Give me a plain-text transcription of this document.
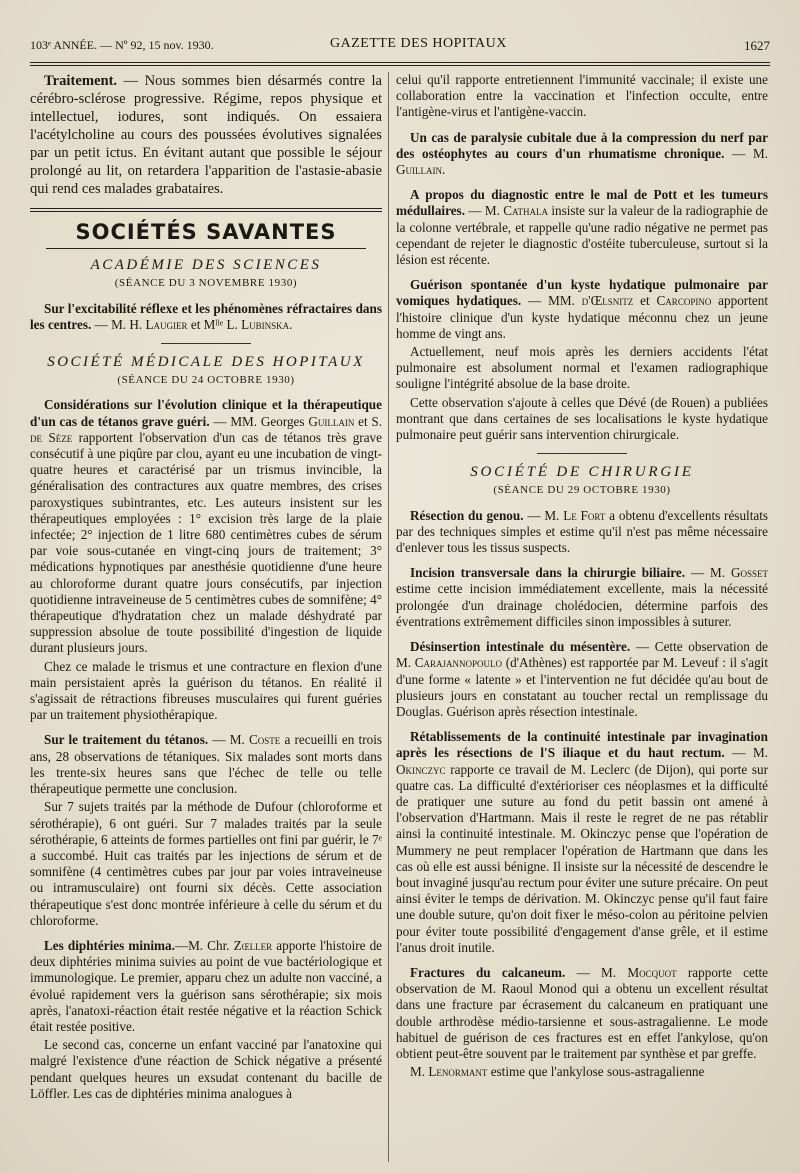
103ᵉ ANNÉE. — Nº 92, 15 nov. 1930.	GAZETTE DES HOPITAUX	1627

Traitement. — Nous sommes bien désarmés contre la cérébro-sclérose progressive. Régime, repos physique et intellectuel, iodures, sont indiqués. On essaiera l'acétylcholine au cours des poussées évolutives signalées par un petit ictus. En évitant autant que possible le séjour prolongé au lit, on retardera l'apparition de l'astasie-abasie qui rend ces malades grabataires.

SOCIÉTÉS SAVANTES
ACADÉMIE DES SCIENCES
(SÉANCE DU 3 NOVEMBRE 1930)

Sur l'excitabilité réflexe et les phénomènes réfractaires dans les centres. — M. H. Laugier et Mˡˡᵉ L. Lubinska.

SOCIÉTÉ MÉDICALE DES HOPITAUX
(SÉANCE DU 24 OCTOBRE 1930)

Considérations sur l'évolution clinique et la thérapeutique d'un cas de tétanos grave guéri. — MM. Georges Guillain et S. de Sèze rapportent l'observation d'un cas de tétanos très grave consécutif à une piqûre par clou, ayant eu une incubation de vingt-quatre heures et caractérisé par un trismus invincible, la généralisation des contractures aux quatre membres, des crises paroxystiques subintrantes, etc. Les auteurs insistent sur les thérapeutiques employées : 1° excision très large de la plaie infectée; 2° injection de 1 litre 680 centimètres cubes de sérum par voie sous-cutanée en vingt-cinq jours de traitement; 3° médications hypnotiques par anesthésie quotidienne d'une heure au chloroforme durant quatre jours consécutifs, par injection quotidienne intraveineuse de 5 centimètres cubes de somnifène; 4° thérapeutique d'hydratation chez un malade déshydraté par suppression absolue de toute possibilité d'ingestion de liquide durant plusieurs jours.

Chez ce malade le trismus et une contracture en flexion d'une main persistaient après la guérison du tétanos. En réalité il s'agissait de rétractions fibreuses musculaires qui furent guéries par un traitement physiothérapique.

Sur le traitement du tétanos. — M. Coste a recueilli en trois ans, 28 observations de tétaniques. Six malades sont morts dans les trente-six heures sans que l'échec de telle ou telle thérapeutique permette une conclusion.

Sur 7 sujets traités par la méthode de Dufour (chloroforme et sérothérapie), 6 ont guéri. Sur 7 malades traités par la seule sérothérapie, 6 atteints de formes partielles ont fini par guérir, le 7ᵉ a succombé. Huit cas traités par les injections de sérum et de somnifène (4 centimètres cubes par jour par voies intraveineuse ou intramusculaire) ont fourni six décès. Cette association thérapeutique s'est donc montrée inférieure à celle du sérum et du chloroforme.

Les diphtéries minima.—M. Chr. Zœller apporte l'histoire de deux diphtéries minima suivies au point de vue bactériologique et immunologique. Le premier, apparu chez un adulte non vacciné, a évolué rapidement vers la guérison sans sérothérapie; six mois après, l'anatoxi-réaction était restée négative et la réaction Schick était restée positive.

Le second cas, concerne un enfant vacciné par l'anatoxine qui malgré l'existence d'une réaction de Schick négative a présenté pendant quelques heures un exsudat contenant du bacille de Löffler. Les cas de diphtéries minima analogues à

celui qu'il rapporte entretiennent l'immunité vaccinale; il existe une collaboration entre la vaccination et l'infection occulte, entre l'antigène-virus et l'antigène-vaccin.

Un cas de paralysie cubitale due à la compression du nerf par des ostéophytes au cours d'un rhumatisme chronique. — M. Guillain.

A propos du diagnostic entre le mal de Pott et les tumeurs médullaires. — M. Cathala insiste sur la valeur de la radiographie de la colonne vertébrale, et rappelle qu'une radio négative ne permet pas cependant de rejeter le diagnostic d'ostéite tuberculeuse, surtout si la lésion est récente.

Guérison spontanée d'un kyste hydatique pulmonaire par vomiques hydatiques. — MM. d'Œlsnitz et Carcopino apportent l'histoire clinique d'un kyste hydatique méconnu chez un jeune homme de vingt ans.

Actuellement, neuf mois après les derniers accidents l'état pulmonaire est absolument normal et l'examen radiographique souligne l'intégrité absolue de la base droite.

Cette observation s'ajoute à celles que Dévé (de Rouen) a publiées montrant que dans certaines de ses localisations le kyste hydatique pulmonaire peut guérir sans intervention chirurgicale.

SOCIÉTÉ DE CHIRURGIE
(SÉANCE DU 29 OCTOBRE 1930)

Résection du genou. — M. Le Fort a obtenu d'excellents résultats par des techniques simples et estime qu'il n'est pas même nécessaire d'enlever tous les tissus suspects.

Incision transversale dans la chirurgie biliaire. — M. Gosset estime cette incision immédiatement excellente, mais la nécessité prolongée d'un drainage cholédocien, détermine parfois des éventrations extrêmement difficiles sinon impossibles à suturer.

Désinsertion intestinale du mésentère. — Cette observation de M. Carajannopoulo (d'Athènes) est rapportée par M. Leveuf : il s'agit d'une forme « latente » et l'intervention ne fut décidée qu'au bout de plusieurs jours en constatant au toucher rectal un remplissage du Douglas. Guérison après résection intestinale.

Rétablissements de la continuité intestinale par invagination après les résections de l'S iliaque et du haut rectum. — M. Okinczyc rapporte ce travail de M. Leclerc (de Dijon), qui porte sur quatre cas. La difficulté d'extérioriser ces néoplasmes et la difficulté de pratiquer une suture au fond du petit bassin ont amené à l'observation d'Hartmann. Mais il reste le regret de ne pas rétablir ainsi la continuité intestinale. M. Okinczyc pense que l'opération de Mummery ne peut remplacer l'opération de Hartmann que dans les cas où elle est aussi bénigne. Il insiste sur la nécessité de descendre le bout invaginé jusqu'au rectum pour éviter une suture précaire. On peut ainsi éviter le temps de dérivation. M. Okinczyc pense qu'il faut faire une double suture, qu'on doit fixer le méso-colon au péritoine pelvien pour éviter toute possibilité d'engagement d'anse grêle, et il estime l'anus droit inutile.

Fractures du calcaneum. — M. Mocquot rapporte cette observation de M. Raoul Monod qui a obtenu un excellent résultat dans une fracture par écrasement du calcaneum en pratiquant une double arthrodèse médio-tarsienne et sous-astragalienne. Le mode habituel de guérison de ces fractures est en effet l'ankylose, qu'on obtient peut-être souvent par le traitement par synthèse et par greffe.

M. Lenormant estime que l'ankylose sous-astragalienne
